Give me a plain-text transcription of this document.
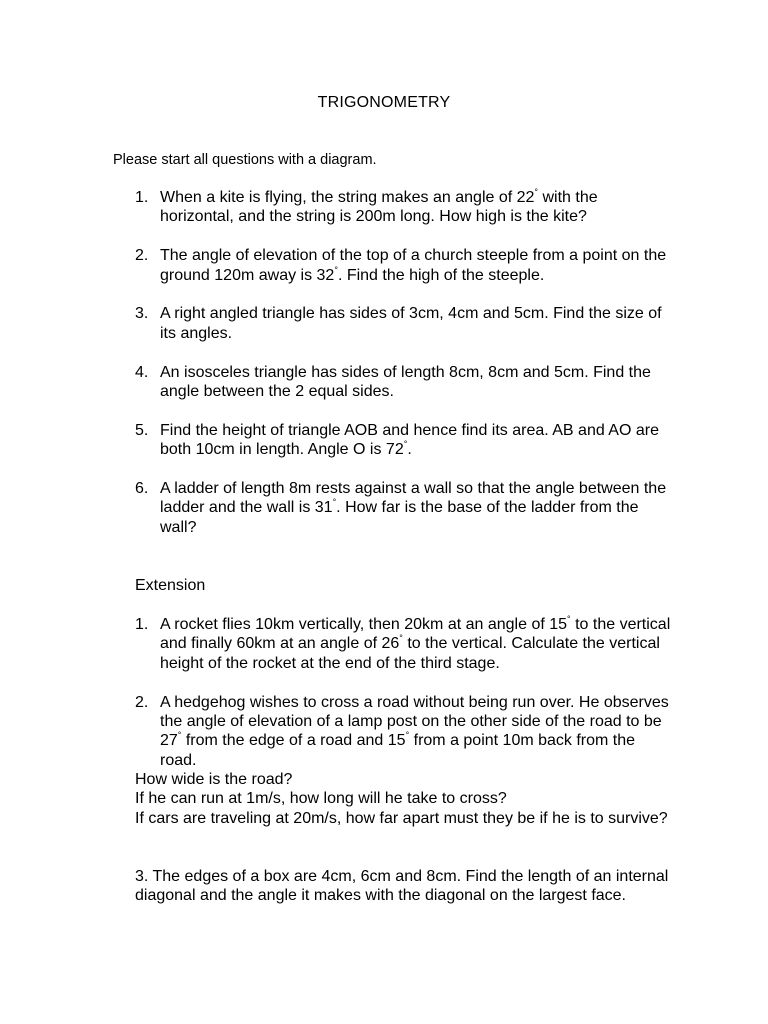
TRIGONOMETRY
Please start all questions with a diagram.
1. When a kite is flying, the string makes an angle of 22° with the horizontal, and the string is 200m long. How high is the kite?
2. The angle of elevation of the top of a church steeple from a point on the ground 120m away is 32°. Find the high of the steeple.
3. A right angled triangle has sides of 3cm, 4cm and 5cm. Find the size of its angles.
4. An isosceles triangle has sides of length 8cm, 8cm and 5cm. Find the angle between the 2 equal sides.
5. Find the height of triangle AOB and hence find its area. AB and AO are both 10cm in length. Angle O is 72°.
6. A ladder of length 8m rests against a wall so that the angle between the ladder and the wall is 31°. How far is the base of the ladder from the wall?
Extension
1. A rocket flies 10km vertically, then 20km at an angle of 15° to the vertical and finally 60km at an angle of 26° to the vertical. Calculate the vertical height of the rocket at the end of the third stage.
2. A hedgehog wishes to cross a road without being run over. He observes the angle of elevation of a lamp post on the other side of the road to be 27° from the edge of a road and 15° from a point 10m back from the road.
How wide is the road?
If he can run at 1m/s, how long will he take to cross?
If cars are traveling at 20m/s, how far apart must they be if he is to survive?
3. The edges of a box are 4cm, 6cm and 8cm. Find the length of an internal diagonal and the angle it makes with the diagonal on the largest face.
